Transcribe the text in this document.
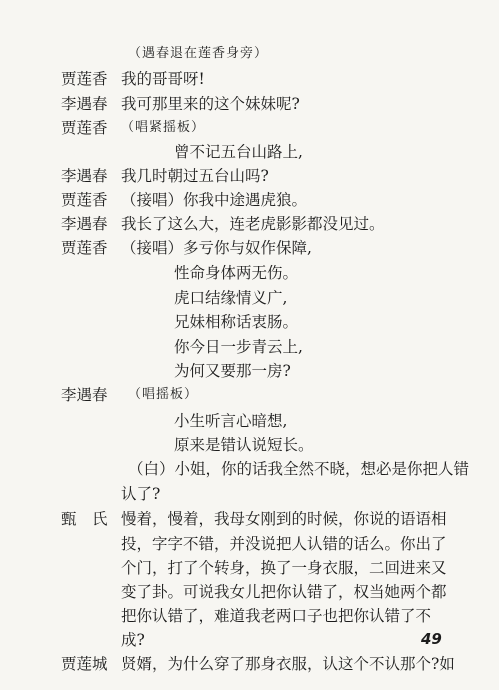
（遇春退在莲香身旁）
贾莲香 我的哥哥呀!
李遇春 我可那里来的这个妹妹呢?
贾莲香 （唱紧摇板）
曾不记五台山路上,
李遇春 我几时朝过五台山吗?
贾莲香 （接唱）你我中途遇虎狼。
李遇春 我长了这么大，连老虎影影都没见过。
贾莲香 （接唱）多亏你与奴作保障,
性命身体两无伤。
虎口结缘情义广,
兄妹相称话衷肠。
你今日一步青云上,
为何又要那一房?
李遇春 （唱摇板）
小生听言心暗想,
原来是错认说短长。
（白）小姐，你的话我全然不晓，想必是你把人错
认了?
甄　氏 慢着，慢着，我母女刚到的时候，你说的语语相
投，字字不错，并没说把人认错的话么。你出了
个门，打了个转身，换了一身衣服，二回进来又
变了卦。可说我女儿把你认错了，权当她两个都
把你认错了，难道我老两口子也把你认错了不
成?
贾莲城 贤婿，为什么穿了那身衣服，认这个不认那个?如
49
